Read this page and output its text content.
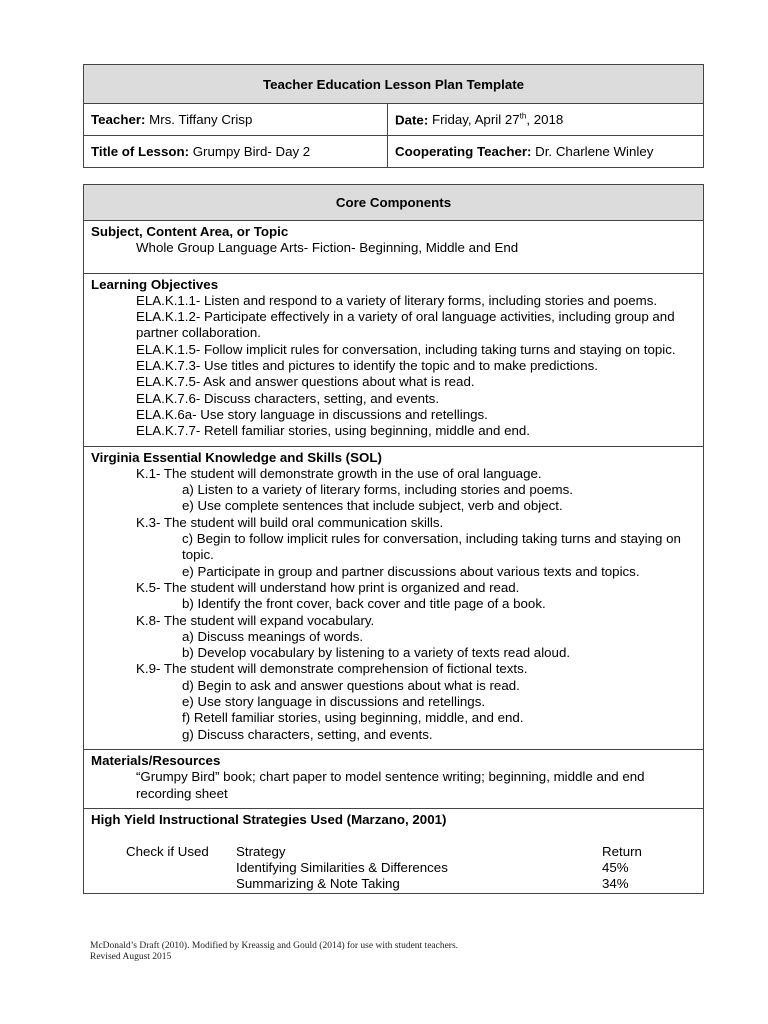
Teacher Education Lesson Plan Template	
Teacher: Mrs. Tiffany Crisp	Date: Friday, April 27th, 2018
Title of Lesson: Grumpy Bird- Day 2	Cooperating Teacher: Dr. Charlene Winley
Core Components
Subject, Content Area, or Topic
Whole Group Language Arts- Fiction- Beginning, Middle and End
Learning Objectives
ELA.K.1.1- Listen and respond to a variety of literary forms, including stories and poems.
ELA.K.1.2- Participate effectively in a variety of oral language activities, including group and partner collaboration.
ELA.K.1.5- Follow implicit rules for conversation, including taking turns and staying on topic.
ELA.K.7.3- Use titles and pictures to identify the topic and to make predictions.
ELA.K.7.5- Ask and answer questions about what is read.
ELA.K.7.6- Discuss characters, setting, and events.
ELA.K.6a- Use story language in discussions and retellings.
ELA.K.7.7- Retell familiar stories, using beginning, middle and end.
Virginia Essential Knowledge and Skills (SOL)
K.1- The student will demonstrate growth in the use of oral language.
a) Listen to a variety of literary forms, including stories and poems.
e) Use complete sentences that include subject, verb and object.
K.3- The student will build oral communication skills.
c) Begin to follow implicit rules for conversation, including taking turns and staying on topic.
e) Participate in group and partner discussions about various texts and topics.
K.5- The student will understand how print is organized and read.
b) Identify the front cover, back cover and title page of a book.
K.8- The student will expand vocabulary.
a) Discuss meanings of words.
b) Develop vocabulary by listening to a variety of texts read aloud.
K.9- The student will demonstrate comprehension of fictional texts.
d) Begin to ask and answer questions about what is read.
e) Use story language in discussions and retellings.
f) Retell familiar stories, using beginning, middle, and end.
g) Discuss characters, setting, and events.
Materials/Resources
“Grumpy Bird” book; chart paper to model sentence writing; beginning, middle and end recording sheet
High Yield Instructional Strategies Used (Marzano, 2001)
Check if Used	Strategy	Return
Identifying Similarities & Differences	45%
Summarizing & Note Taking	34%
McDonald’s Draft (2010). Modified by Kreassig and Gould (2014) for use with student teachers.
Revised August 2015
